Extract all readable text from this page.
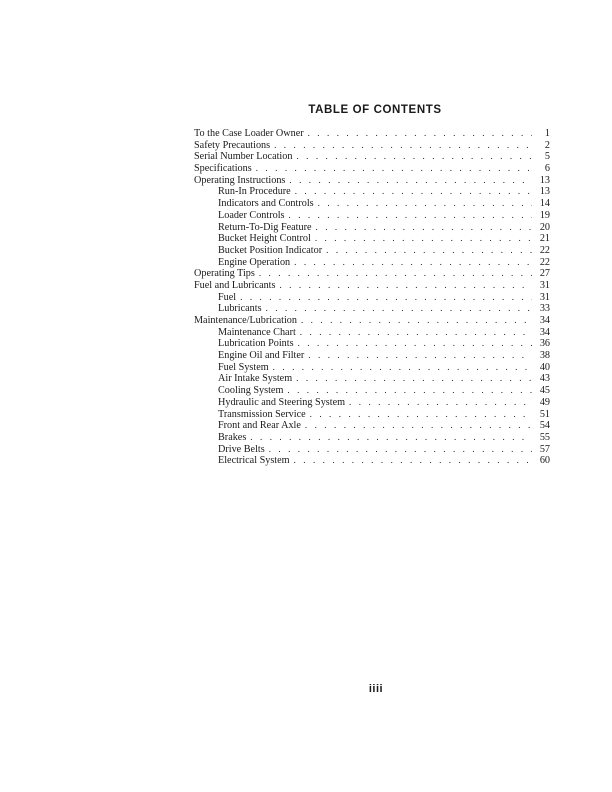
TABLE OF CONTENTS
To the Case Loader Owner . . .	1
Safety Precautions . . .	2
Serial Number Location . . .	5
Specifications . . .	6
Operating Instructions . . .	13
Run-In Procedure . . .	13
Indicators and Controls . . .	14
Loader Controls . . .	19
Return-To-Dig Feature . . .	20
Bucket Height Control . . .	21
Bucket Position Indicator . . .	22
Engine Operation . . .	22
Operating Tips . . .	27
Fuel and Lubricants . . .	31
Fuel . . .	31
Lubricants . . .	33
Maintenance/Lubrication . . .	34
Maintenance Chart . . .	34
Lubrication Points . . .	36
Engine Oil and Filter . . .	38
Fuel System . . .	40
Air Intake System . . .	43
Cooling System . . .	45
Hydraulic and Steering System . . .	49
Transmission Service . . .	51
Front and Rear Axle . . .	54
Brakes . . .	55
Drive Belts . . .	57
Electrical System . . .	60
iiii
